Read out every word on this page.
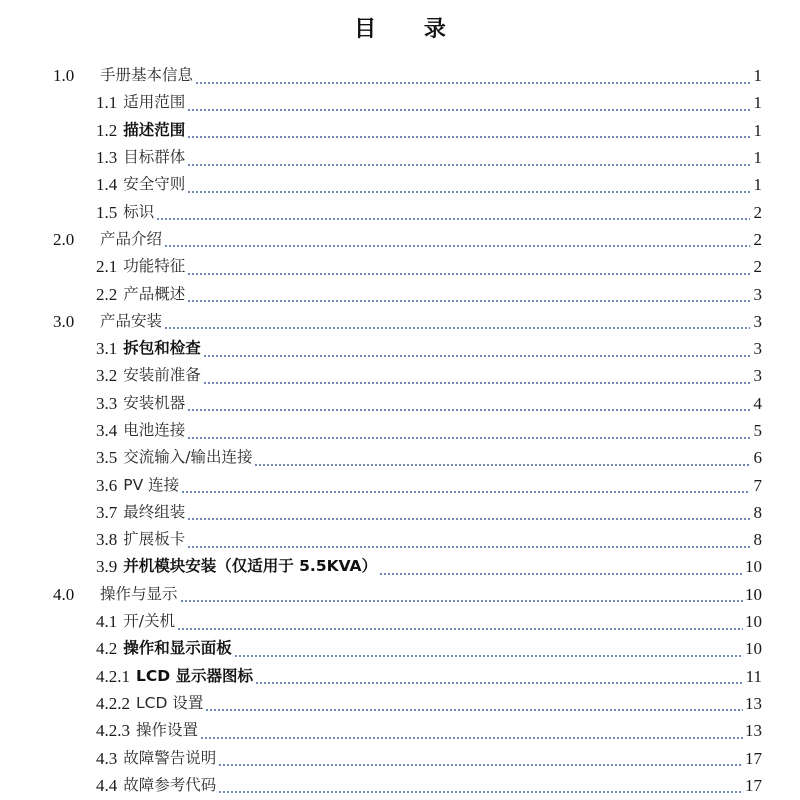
目 录
1.0	手册基本信息	1
1.1 适用范围	1
1.2 描述范围	1
1.3 目标群体	1
1.4 安全守则	1
1.5 标识	2
2.0	产品介绍	2
2.1 功能特征	2
2.2 产品概述	3
3.0	产品安装	3
3.1 拆包和检查	3
3.2 安装前准备	3
3.3 安装机器	4
3.4 电池连接	5
3.5 交流输入/输出连接	6
3.6 PV 连接	7
3.7 最终组装	8
3.8 扩展板卡	8
3.9 并机模块安装（仅适用于 5.5KVA）	10
4.0	操作与显示	10
4.1 开/关机	10
4.2 操作和显示面板	10
4.2.1 LCD 显示器图标	11
4.2.2 LCD 设置	13
4.2.3 操作设置	13
4.3 故障警告说明	17
4.4 故障参考代码	17
